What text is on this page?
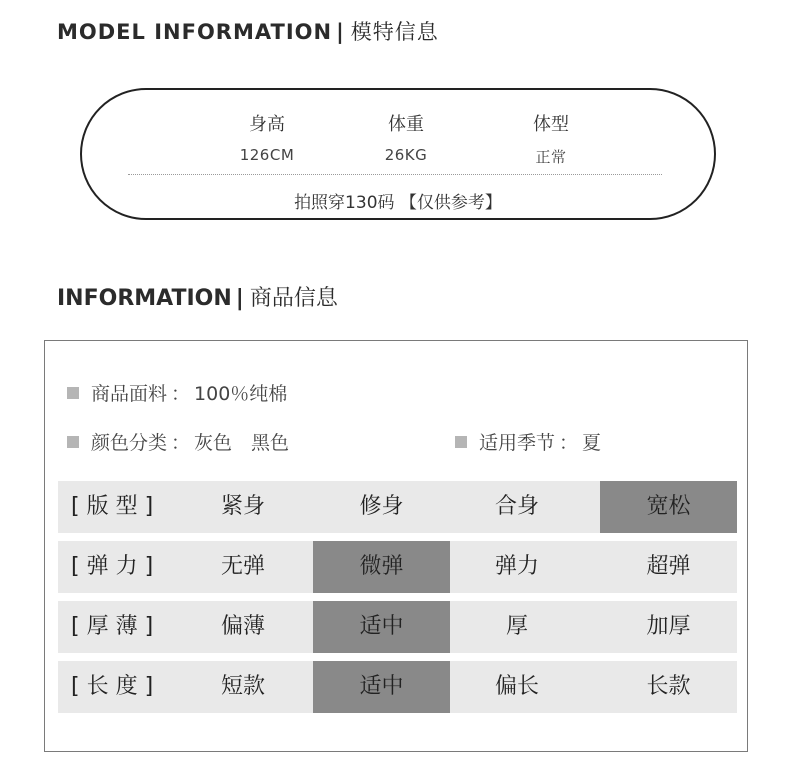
MODEL INFORMATION | 模特信息
身高	体重	体型
126CM	26KG	正常
拍照穿130码 【仅供参考】
INFORMATION | 商品信息
商品面料 ： 100％纯棉
颜色分类 ： 灰色　黑色	适用季节 ： 夏
[ 版 型 ]	紧身	修身	合身	宽松
[ 弹 力 ]	无弹	微弹	弹力	超弹
[ 厚 薄 ]	偏薄	适中	厚	加厚
[ 长 度 ]	短款	适中	偏长	长款
